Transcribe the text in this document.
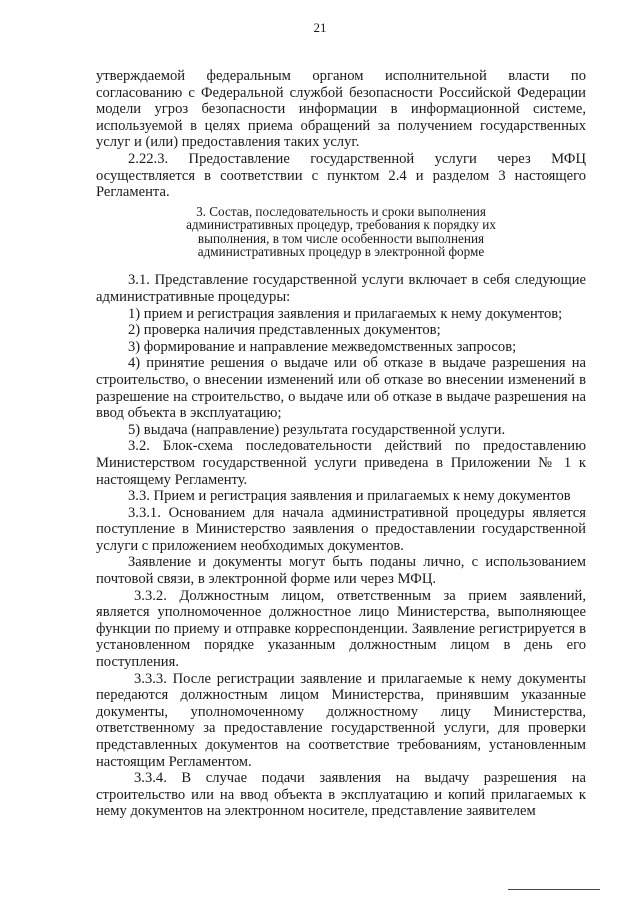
21

утверждаемой федеральным органом исполнительной власти по согласованию с Федеральной службой безопасности Российской Федерации модели угроз безопасности информации в информационной системе, используемой в целях приема обращений за получением государственных услуг и (или) предоставления таких услуг.

2.22.3. Предоставление государственной услуги через МФЦ осуществляется в соответствии с пунктом 2.4 и разделом 3 настоящего Регламента.

3. Состав, последовательность и сроки выполнения административных процедур, требования к порядку их выполнения, в том числе особенности выполнения административных процедур в электронной форме

3.1. Представление государственной услуги включает в себя следующие административные процедуры:

1) прием и регистрация заявления и прилагаемых к нему документов;

2) проверка наличия представленных документов;

3) формирование и направление межведомственных запросов;

4) принятие решения о выдаче или об отказе в выдаче разрешения на строительство, о внесении изменений или об отказе во внесении изменений в разрешение на строительство, о выдаче или об отказе в выдаче разрешения на ввод объекта в эксплуатацию;

5) выдача (направление) результата государственной услуги.

3.2. Блок-схема последовательности действий по предоставлению Министерством государственной услуги приведена в Приложении № 1 к настоящему Регламенту.

3.3. Прием и регистрация заявления и прилагаемых к нему документов

3.3.1. Основанием для начала административной процедуры является поступление в Министерство заявления о предоставлении государственной услуги с приложением необходимых документов.

Заявление и документы могут быть поданы лично, с использованием почтовой связи, в электронной форме или через МФЦ.

3.3.2. Должностным лицом, ответственным за прием заявлений, является уполномоченное должностное лицо Министерства, выполняющее функции по приему и отправке корреспонденции. Заявление регистрируется в установленном порядке указанным должностным лицом в день его поступления.

3.3.3. После регистрации заявление и прилагаемые к нему документы передаются должностным лицом Министерства, принявшим указанные документы, уполномоченному должностному лицу Министерства, ответственному за предоставление государственной услуги, для проверки представленных документов на соответствие требованиям, установленным настоящим Регламентом.

3.3.4. В случае подачи заявления на выдачу разрешения на строительство или на ввод объекта в эксплуатацию и копий прилагаемых к нему документов на электронном носителе, представление заявителем
